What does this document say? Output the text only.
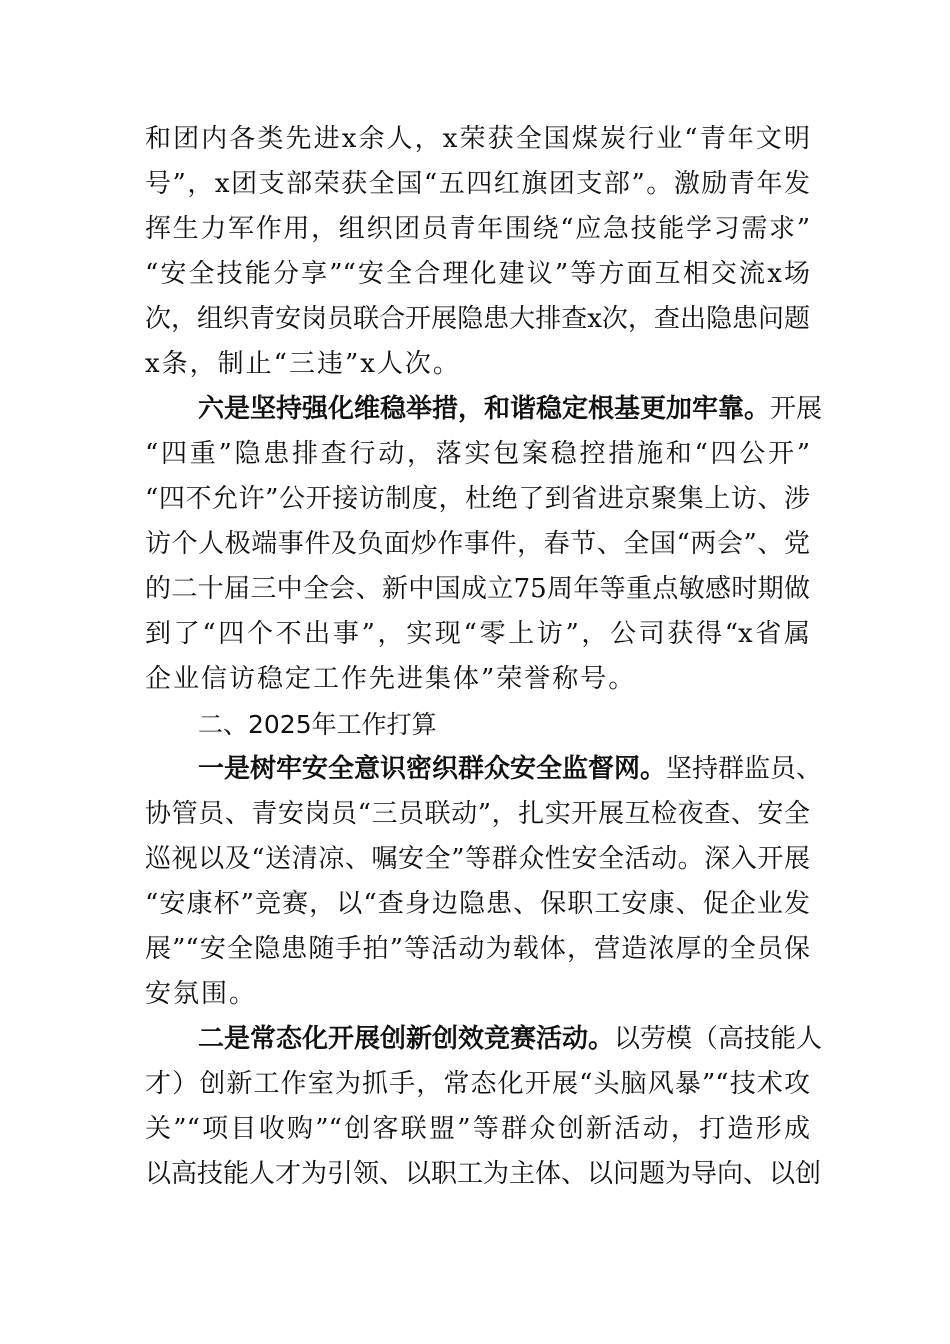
和团内各类先进x余人，x荣获全国煤炭行业“青年文明
号”，x团支部荣获全国“五四红旗团支部”。激励青年发
挥生力军作用，组织团员青年围绕“应急技能学习需求”
“安全技能分享”“安全合理化建议”等方面互相交流x场
次，组织青安岗员联合开展隐患大排查x次，查出隐患问题
x条，制止“三违”x人次。
六是坚持强化维稳举措，和谐稳定根基更加牢靠。开展
“四重”隐患排查行动，落实包案稳控措施和“四公开”
“四不允许”公开接访制度，杜绝了到省进京聚集上访、涉
访个人极端事件及负面炒作事件，春节、全国“两会”、党
的二十届三中全会、新中国成立75周年等重点敏感时期做
到了“四个不出事”，实现“零上访”，公司获得“x省属
企业信访稳定工作先进集体”荣誉称号。
二、2025年工作打算
一是树牢安全意识密织群众安全监督网。坚持群监员、
协管员、青安岗员“三员联动”，扎实开展互检夜查、安全
巡视以及“送清凉、嘱安全”等群众性安全活动。深入开展
“安康杯”竞赛，以“查身边隐患、保职工安康、促企业发
展”“安全隐患随手拍”等活动为载体，营造浓厚的全员保
安氛围。
二是常态化开展创新创效竞赛活动。以劳模（高技能人
才）创新工作室为抓手，常态化开展“头脑风暴”“技术攻
关”“项目收购”“创客联盟”等群众创新活动，打造形成
以高技能人才为引领、以职工为主体、以问题为导向、以创
